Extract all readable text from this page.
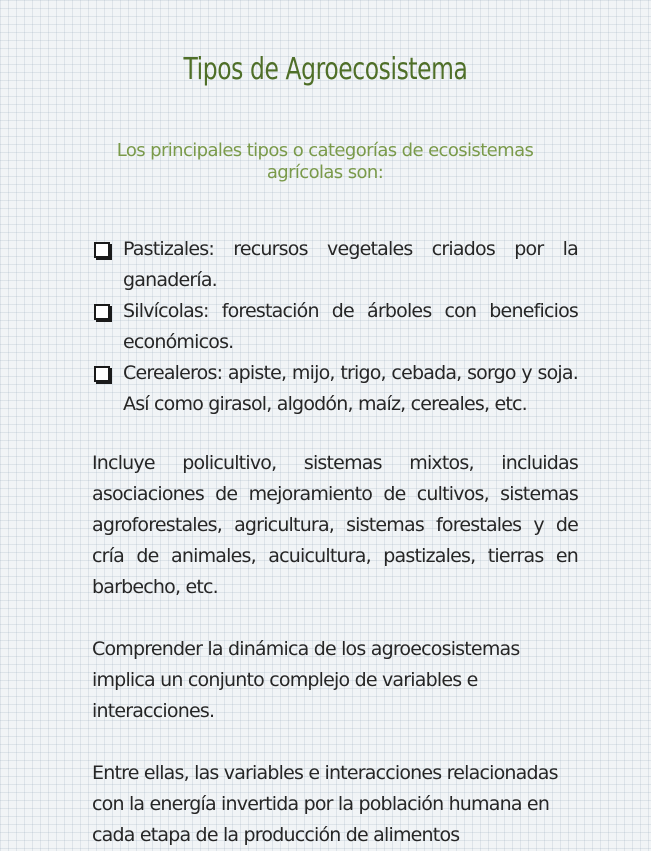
Tipos de Agroecosistema
Los principales tipos o categorías de ecosistemas agrícolas son:
Pastizales: recursos vegetales criados por la ganadería.
Silvícolas: forestación de árboles con beneficios económicos.
Cerealeros: apiste, mijo, trigo, cebada, sorgo y soja. Así como girasol, algodón, maíz, cereales, etc.

Incluye policultivo, sistemas mixtos, incluidas asociaciones de mejoramiento de cultivos, sistemas agroforestales, agricultura, sistemas forestales y de cría de animales, acuicultura, pastizales, tierras en barbecho, etc.

Comprender la dinámica de los agroecosistemas implica un conjunto complejo de variables e interacciones.

Entre ellas, las variables e interacciones relacionadas con la energía invertida por la población humana en cada etapa de la producción de alimentos
